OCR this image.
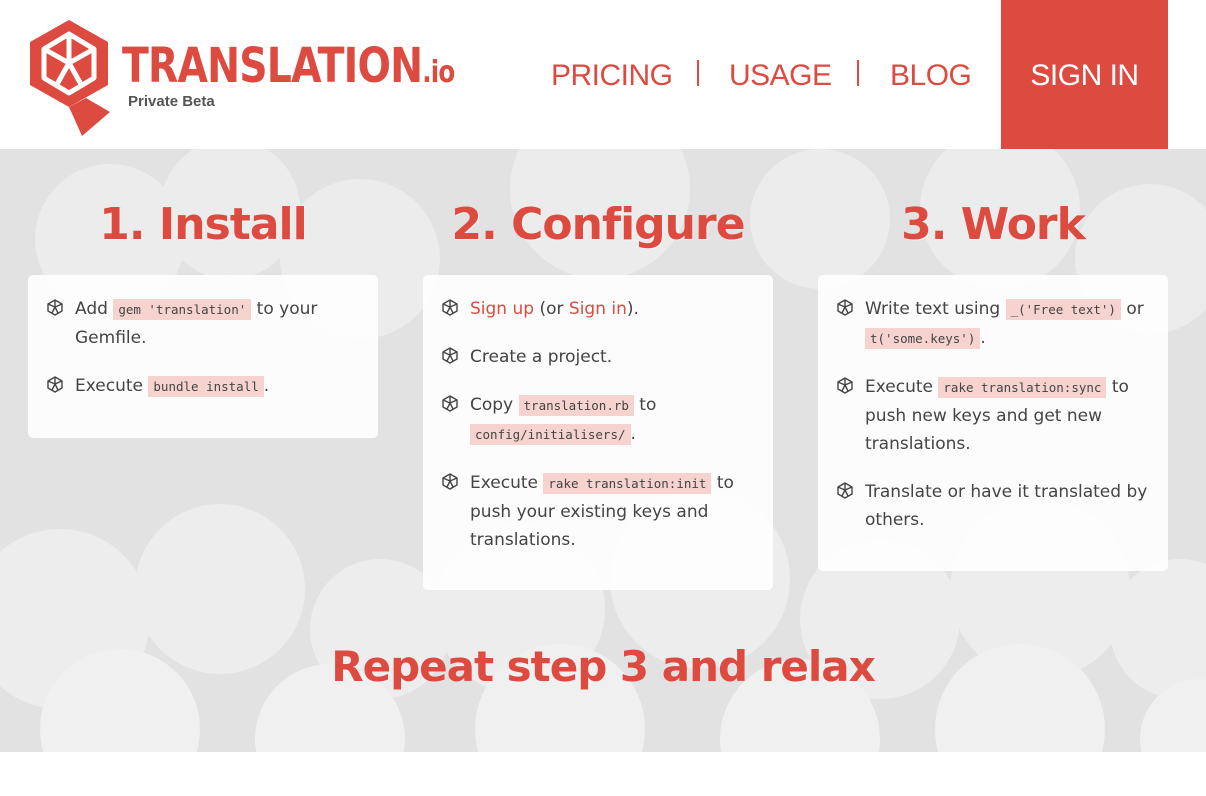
TRANSLATION.io
Private Beta
PRICING USAGE BLOG	SIGN IN
1. Install	2. Configure	3. Work
Add gem 'translation' to your Gemfile.
Execute bundle install .
Sign up (or Sign in).
Create a project.
Copy translation.rb to config/initialisers/ .
Execute rake translation:init to push your existing keys and translations.
Write text using _('Free text') or t('some.keys') .
Execute rake translation:sync to push new keys and get new translations.
Translate or have it translated by others.
Repeat step 3 and relax
